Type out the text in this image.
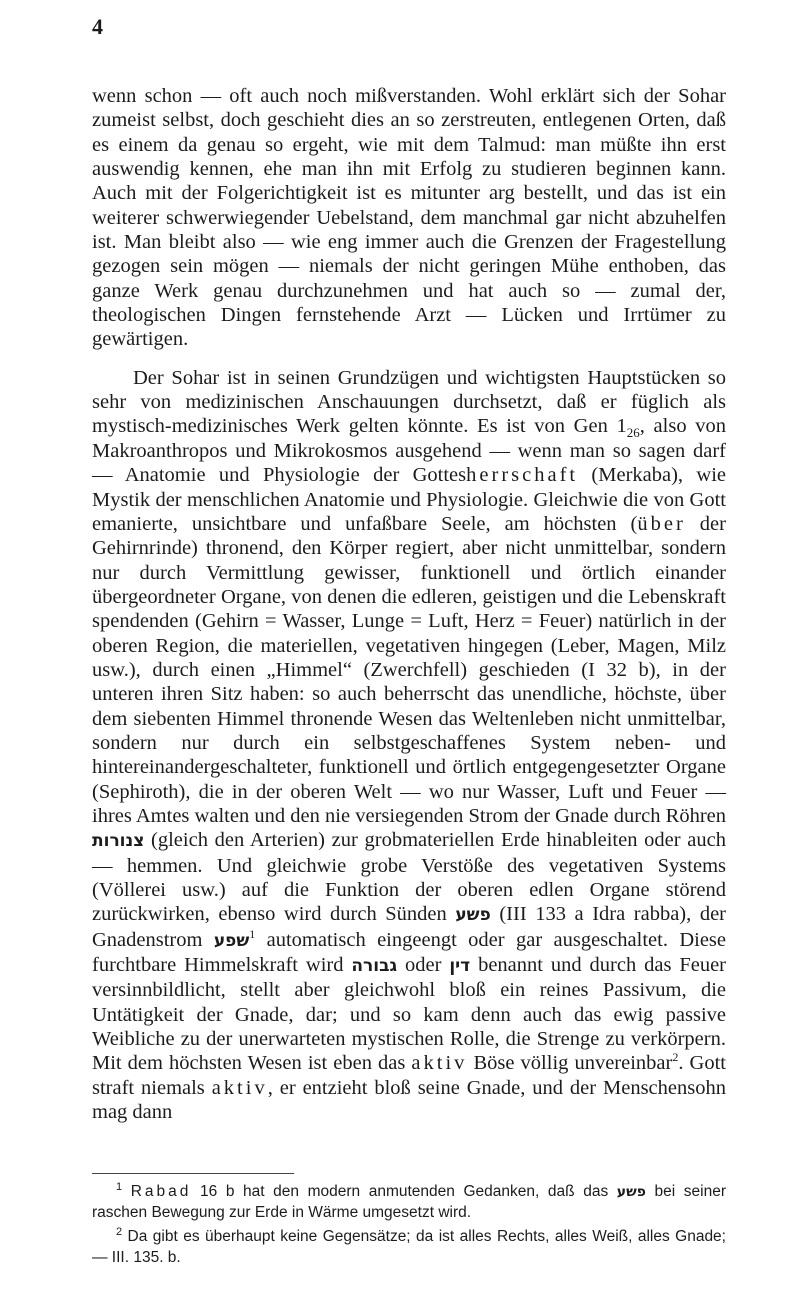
4

wenn schon — oft auch noch mißverstanden. Wohl erklärt sich der Sohar zumeist selbst, doch geschieht dies an so zerstreuten, entlegenen Orten, daß es einem da genau so ergeht, wie mit dem Talmud: man müßte ihn erst auswendig kennen, ehe man ihn mit Erfolg zu studieren beginnen kann. Auch mit der Folgerichtigkeit ist es mitunter arg bestellt, und das ist ein weiterer schwerwiegender Uebelstand, dem manchmal gar nicht abzuhelfen ist. Man bleibt also — wie eng immer auch die Grenzen der Fragestellung gezogen sein mögen — niemals der nicht geringen Mühe enthoben, das ganze Werk genau durchzunehmen und hat auch so — zumal der, theologischen Dingen fernstehende Arzt — Lücken und Irrtümer zu gewärtigen.

Der Sohar ist in seinen Grundzügen und wichtigsten Hauptstücken so sehr von medizinischen Anschauungen durchsetzt, daß er füglich als mystisch-medizinisches Werk gelten könnte. Es ist von Gen $1_{26}$, also von Makroanthropos und Mikrokosmos ausgehend — wenn man so sagen darf — Anatomie und Physiologie der Gottesherrschaft (Merkaba), wie Mystik der menschlichen Anatomie und Physiologie. Gleichwie die von Gott emanierte, unsichtbare und unfaßbare Seele, am höchsten (über der Gehirnrinde) thronend, den Körper regiert, aber nicht unmittelbar, sondern nur durch Vermittlung gewisser, funktionell und örtlich einander übergeordneter Organe, von denen die edleren, geistigen und die Lebenskraft spendenden (Gehirn = Wasser, Lunge = Luft, Herz = Feuer) natürlich in der oberen Region, die materiellen, vegetativen hingegen (Leber, Magen, Milz usw.), durch einen „Himmel“ (Zwerchfell) geschieden (I 32 b), in der unteren ihren Sitz haben: so auch beherrscht das unendliche, höchste, über dem siebenten Himmel thronende Wesen das Weltenleben nicht unmittelbar, sondern nur durch ein selbstgeschaffenes System neben- und hintereinandergeschalteter, funktionell und örtlich entgegengesetzter Organe (Sephiroth), die in der oberen Welt — wo nur Wasser, Luft und Feuer — ihres Amtes walten und den nie versiegenden Strom der Gnade durch Röhren צנורות (gleich den Arterien) zur grobmateriellen Erde hinableiten oder auch — hemmen. Und gleichwie grobe Verstöße des vegetativen Systems (Völlerei usw.) auf die Funktion der oberen edlen Organe störend zurückwirken, ebenso wird durch Sünden פשע (III 133 a Idra rabba), der Gnadenstrom שפע$^1$ automatisch eingeengt oder gar ausgeschaltet. Diese furchtbare Himmelskraft wird גבורה oder דין benannt und durch das Feuer versinnbildlicht, stellt aber gleichwohl bloß ein reines Passivum, die Untätigkeit der Gnade, dar; und so kam denn auch das ewig passive Weibliche zu der unerwarteten mystischen Rolle, die Strenge zu verkörpern. Mit dem höchsten Wesen ist eben das aktiv Böse völlig unvereinbar$^2$. Gott straft niemals aktiv, er entzieht bloß seine Gnade, und der Menschensohn mag dann

$^1$ Rabad 16 b hat den modern anmutenden Gedanken, daß das פשע bei seiner raschen Bewegung zur Erde in Wärme umgesetzt wird.

$^2$ Da gibt es überhaupt keine Gegensätze; da ist alles Rechts, alles Weiß, alles Gnade; — III. 135. b.
